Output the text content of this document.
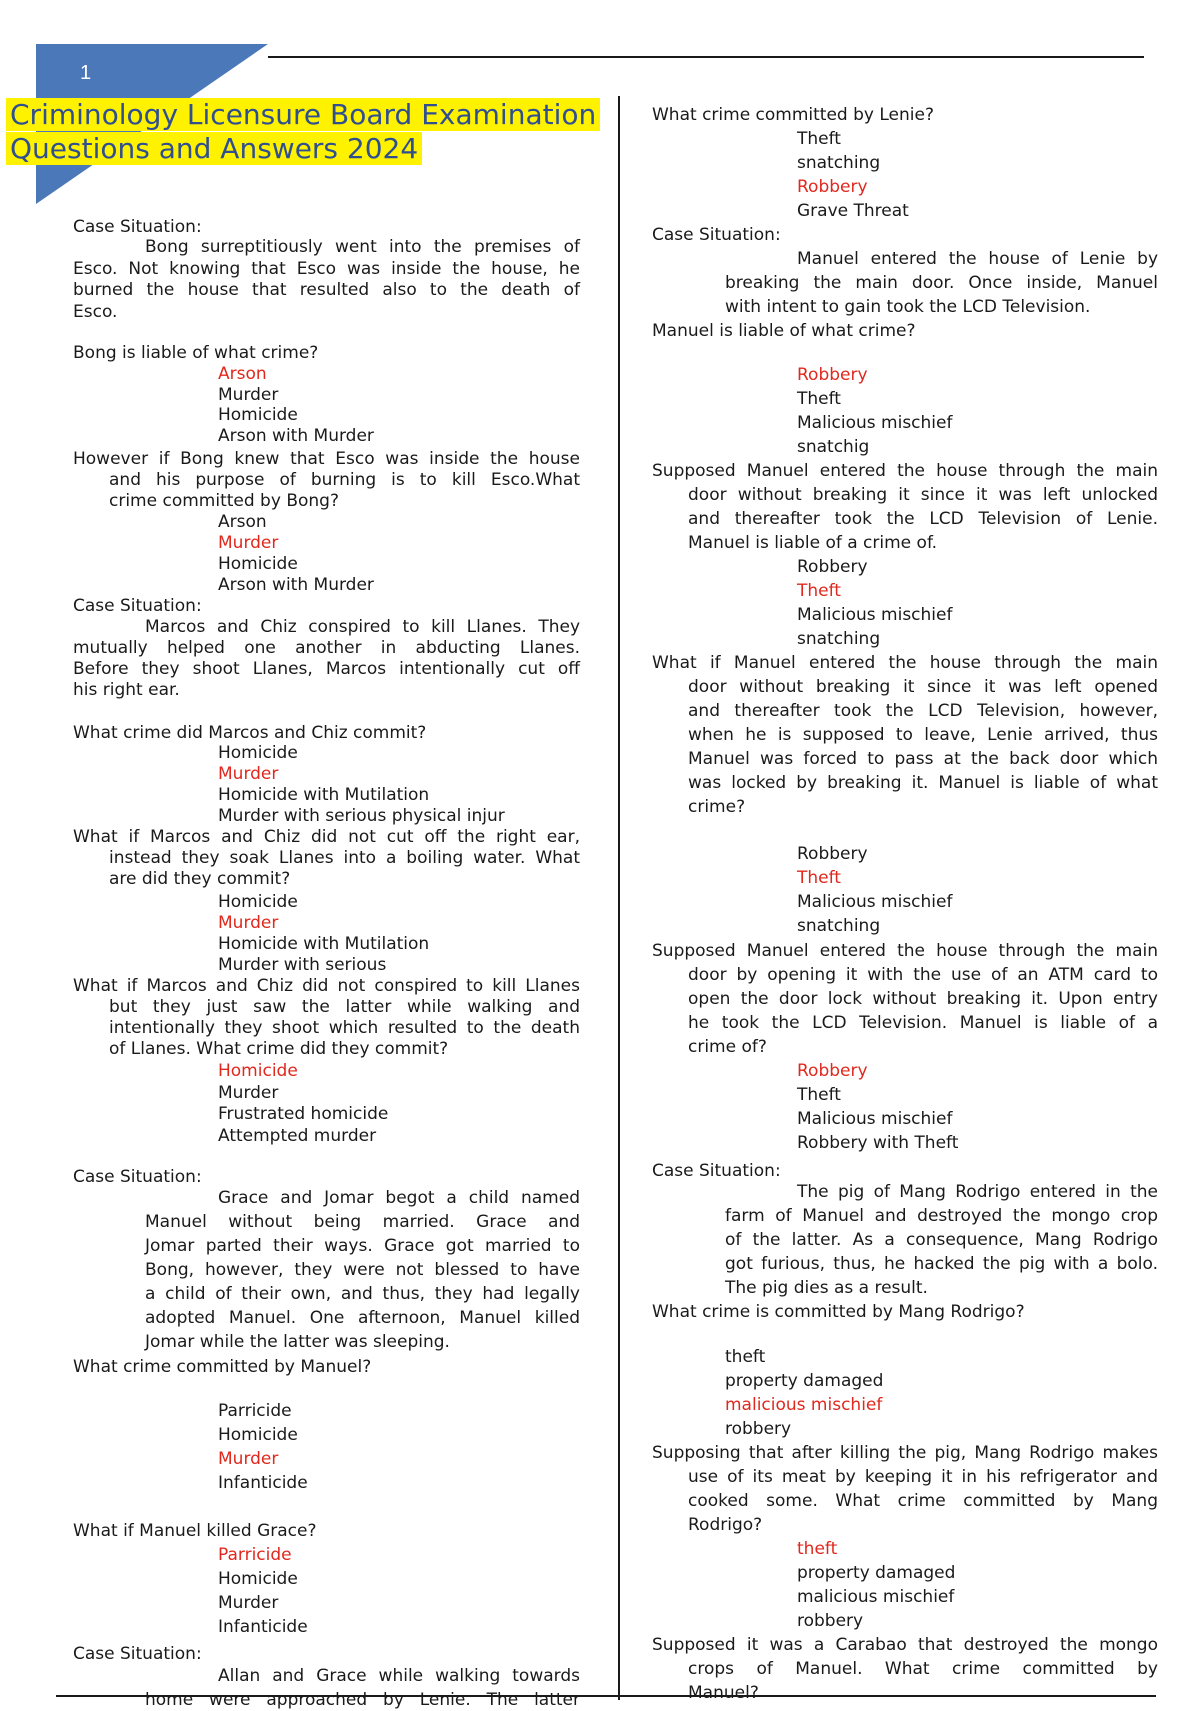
1
Criminology Licensure Board Examination
Questions and Answers 2024

Case Situation:

Bong surreptitiously went into the premises of

Esco. Not knowing that Esco was inside the house, he

burned the house that resulted also to the death of

Esco.

Bong is liable of what crime?

Arson

Murder

Homicide

Arson with Murder

However if Bong knew that Esco was inside the house

and his purpose of burning is to kill Esco.What

crime committed by Bong?

Arson

Murder

Homicide

Arson with Murder

Case Situation:

Marcos and Chiz conspired to kill Llanes. They

mutually helped one another in abducting Llanes.

Before they shoot Llanes, Marcos intentionally cut off

his right ear.

What crime did Marcos and Chiz commit?

Homicide

Murder

Homicide with Mutilation

Murder with serious physical injur

What if Marcos and Chiz did not cut off the right ear,

instead they soak Llanes into a boiling water. What

are did they commit?

Homicide

Murder

Homicide with Mutilation

Murder with serious

What if Marcos and Chiz did not conspired to kill Llanes

but they just saw the latter while walking and

intentionally they shoot which resulted to the death

of Llanes. What crime did they commit?

Homicide

Murder

Frustrated homicide

Attempted murder

Case Situation:

Grace and Jomar begot a child named

Manuel without being married. Grace and

Jomar parted their ways. Grace got married to

Bong, however, they were not blessed to have

a child of their own, and thus, they had legally

adopted Manuel. One afternoon, Manuel killed

Jomar while the latter was sleeping.

What crime committed by Manuel?

Parricide

Homicide

Murder

Infanticide

What if Manuel killed Grace?

Parricide

Homicide

Murder

Infanticide

Case Situation:

Allan and Grace while walking towards

home were approached by Lenie. The latter

What crime committed by Lenie?

Theft

snatching

Robbery

Grave Threat

Case Situation:

Manuel entered the house of Lenie by

breaking the main door. Once inside, Manuel

with intent to gain took the LCD Television.

Manuel is liable of what crime?

Robbery

Theft

Malicious mischief

snatchig

Supposed Manuel entered the house through the main

door without breaking it since it was left unlocked

and thereafter took the LCD Television of Lenie.

Manuel is liable of a crime of.

Robbery

Theft

Malicious mischief

snatching

What if Manuel entered the house through the main

door without breaking it since it was left opened

and thereafter took the LCD Television, however,

when he is supposed to leave, Lenie arrived, thus

Manuel was forced to pass at the back door which

was locked by breaking it. Manuel is liable of what

crime?

Robbery

Theft

Malicious mischief

snatching

Supposed Manuel entered the house through the main

door by opening it with the use of an ATM card to

open the door lock without breaking it. Upon entry

he took the LCD Television. Manuel is liable of a

crime of?

Robbery

Theft

Malicious mischief

Robbery with Theft

Case Situation:

The pig of Mang Rodrigo entered in the

farm of Manuel and destroyed the mongo crop

of the latter. As a consequence, Mang Rodrigo

got furious, thus, he hacked the pig with a bolo.

The pig dies as a result.

What crime is committed by Mang Rodrigo?

theft

property damaged

malicious mischief

robbery

Supposing that after killing the pig, Mang Rodrigo makes

use of its meat by keeping it in his refrigerator and

cooked some. What crime committed by Mang

Rodrigo?

theft

property damaged

malicious mischief

robbery

Supposed it was a Carabao that destroyed the mongo

crops of Manuel. What crime committed by

Manuel?
